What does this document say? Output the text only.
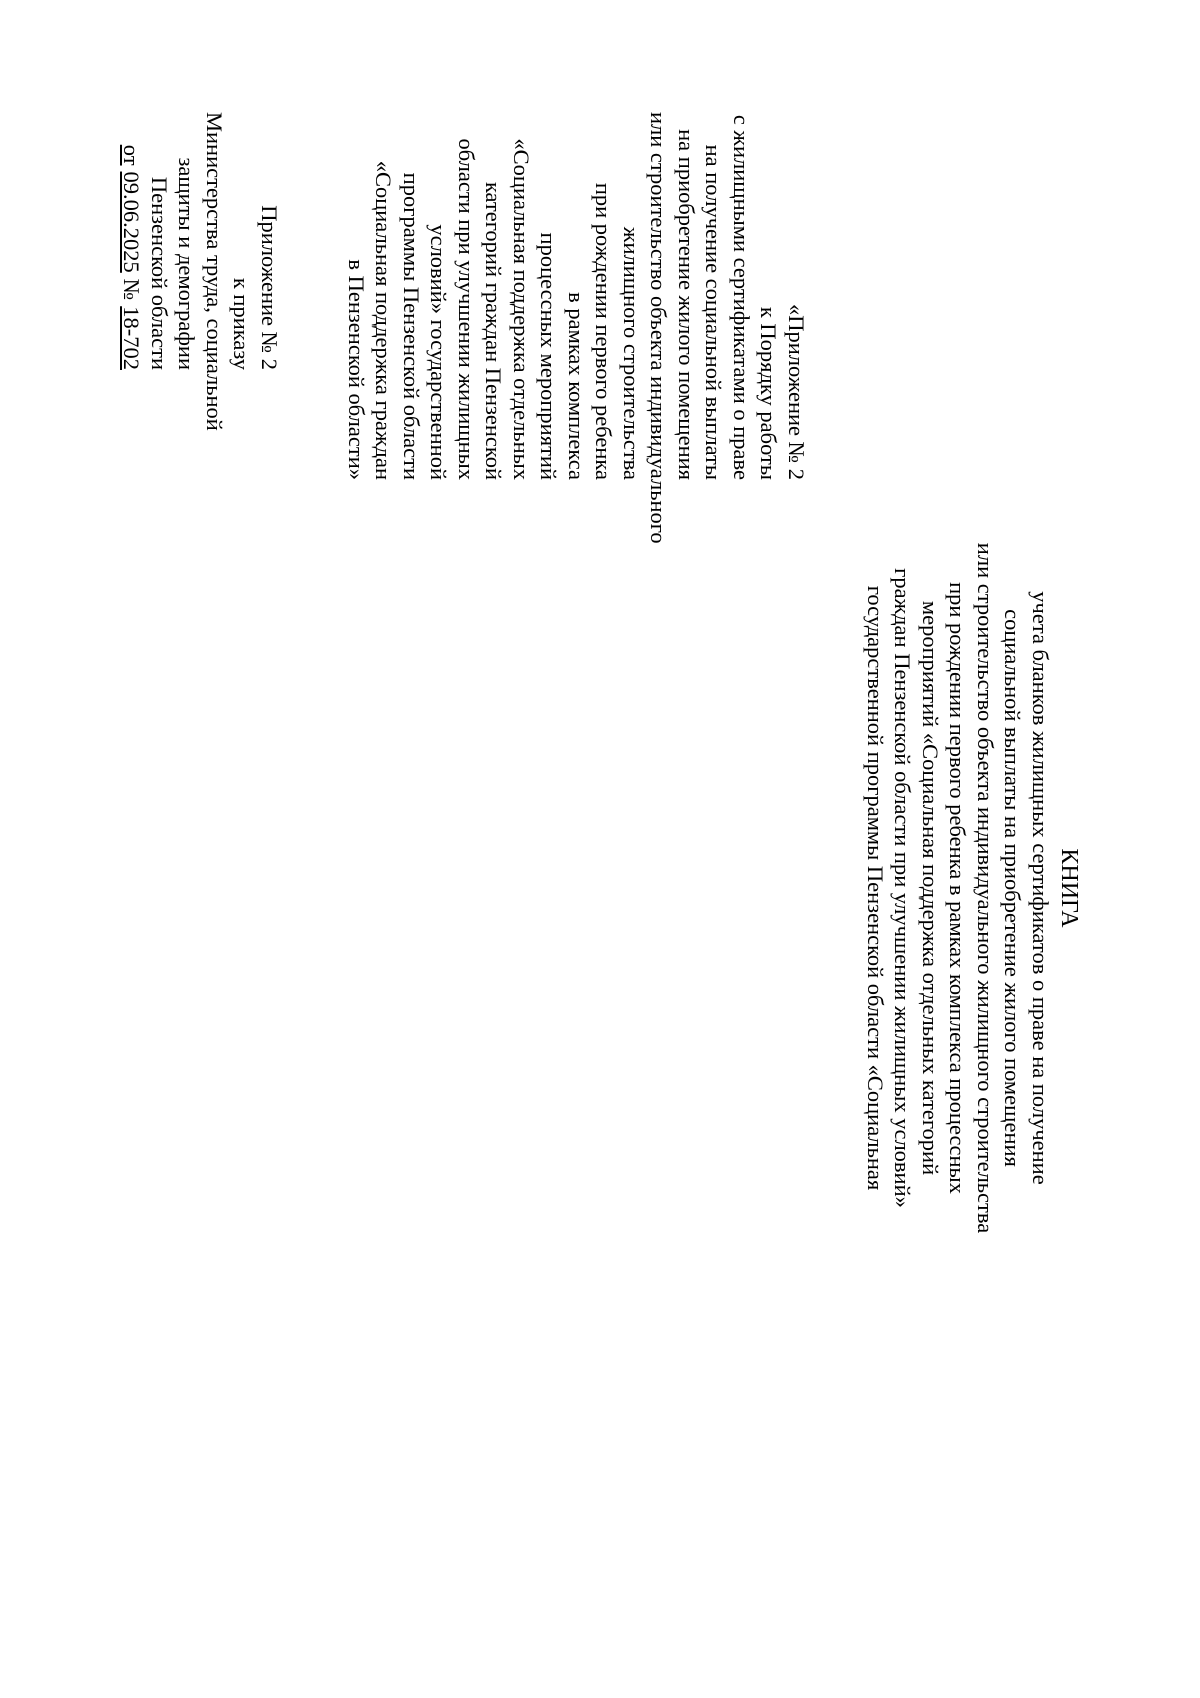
Приложение № 2
к приказу
Министерства труда, социальной
защиты и демографии
Пензенской области
от09.06.2025№18-702	«Приложение № 2
к Порядку работы
с жилищными сертификатами о праве
на получение социальной выплаты
на приобретение жилого помещения
или строительство объекта индивидуального
жилищного строительства
при рождении первого ребенка
в рамках комплекса
процессных мероприятий
«Социальная поддержка отдельных
категорий граждан Пензенской
области при улучшении жилищных
условий» государственной
программы Пензенской области
«Социальная поддержка граждан
в Пензенской области»
КНИГА
учета бланков жилищных сертификатов о праве на получение
социальной выплаты на приобретение жилого помещения
или строительство объекта индивидуального жилищного строительства
при рождении первого ребенка в рамках комплекса процессных
мероприятий «Социальная поддержка отдельных категорий
граждан Пензенской области при улучшении жилищных условий»
государственной программы Пензенской области «Социальная
